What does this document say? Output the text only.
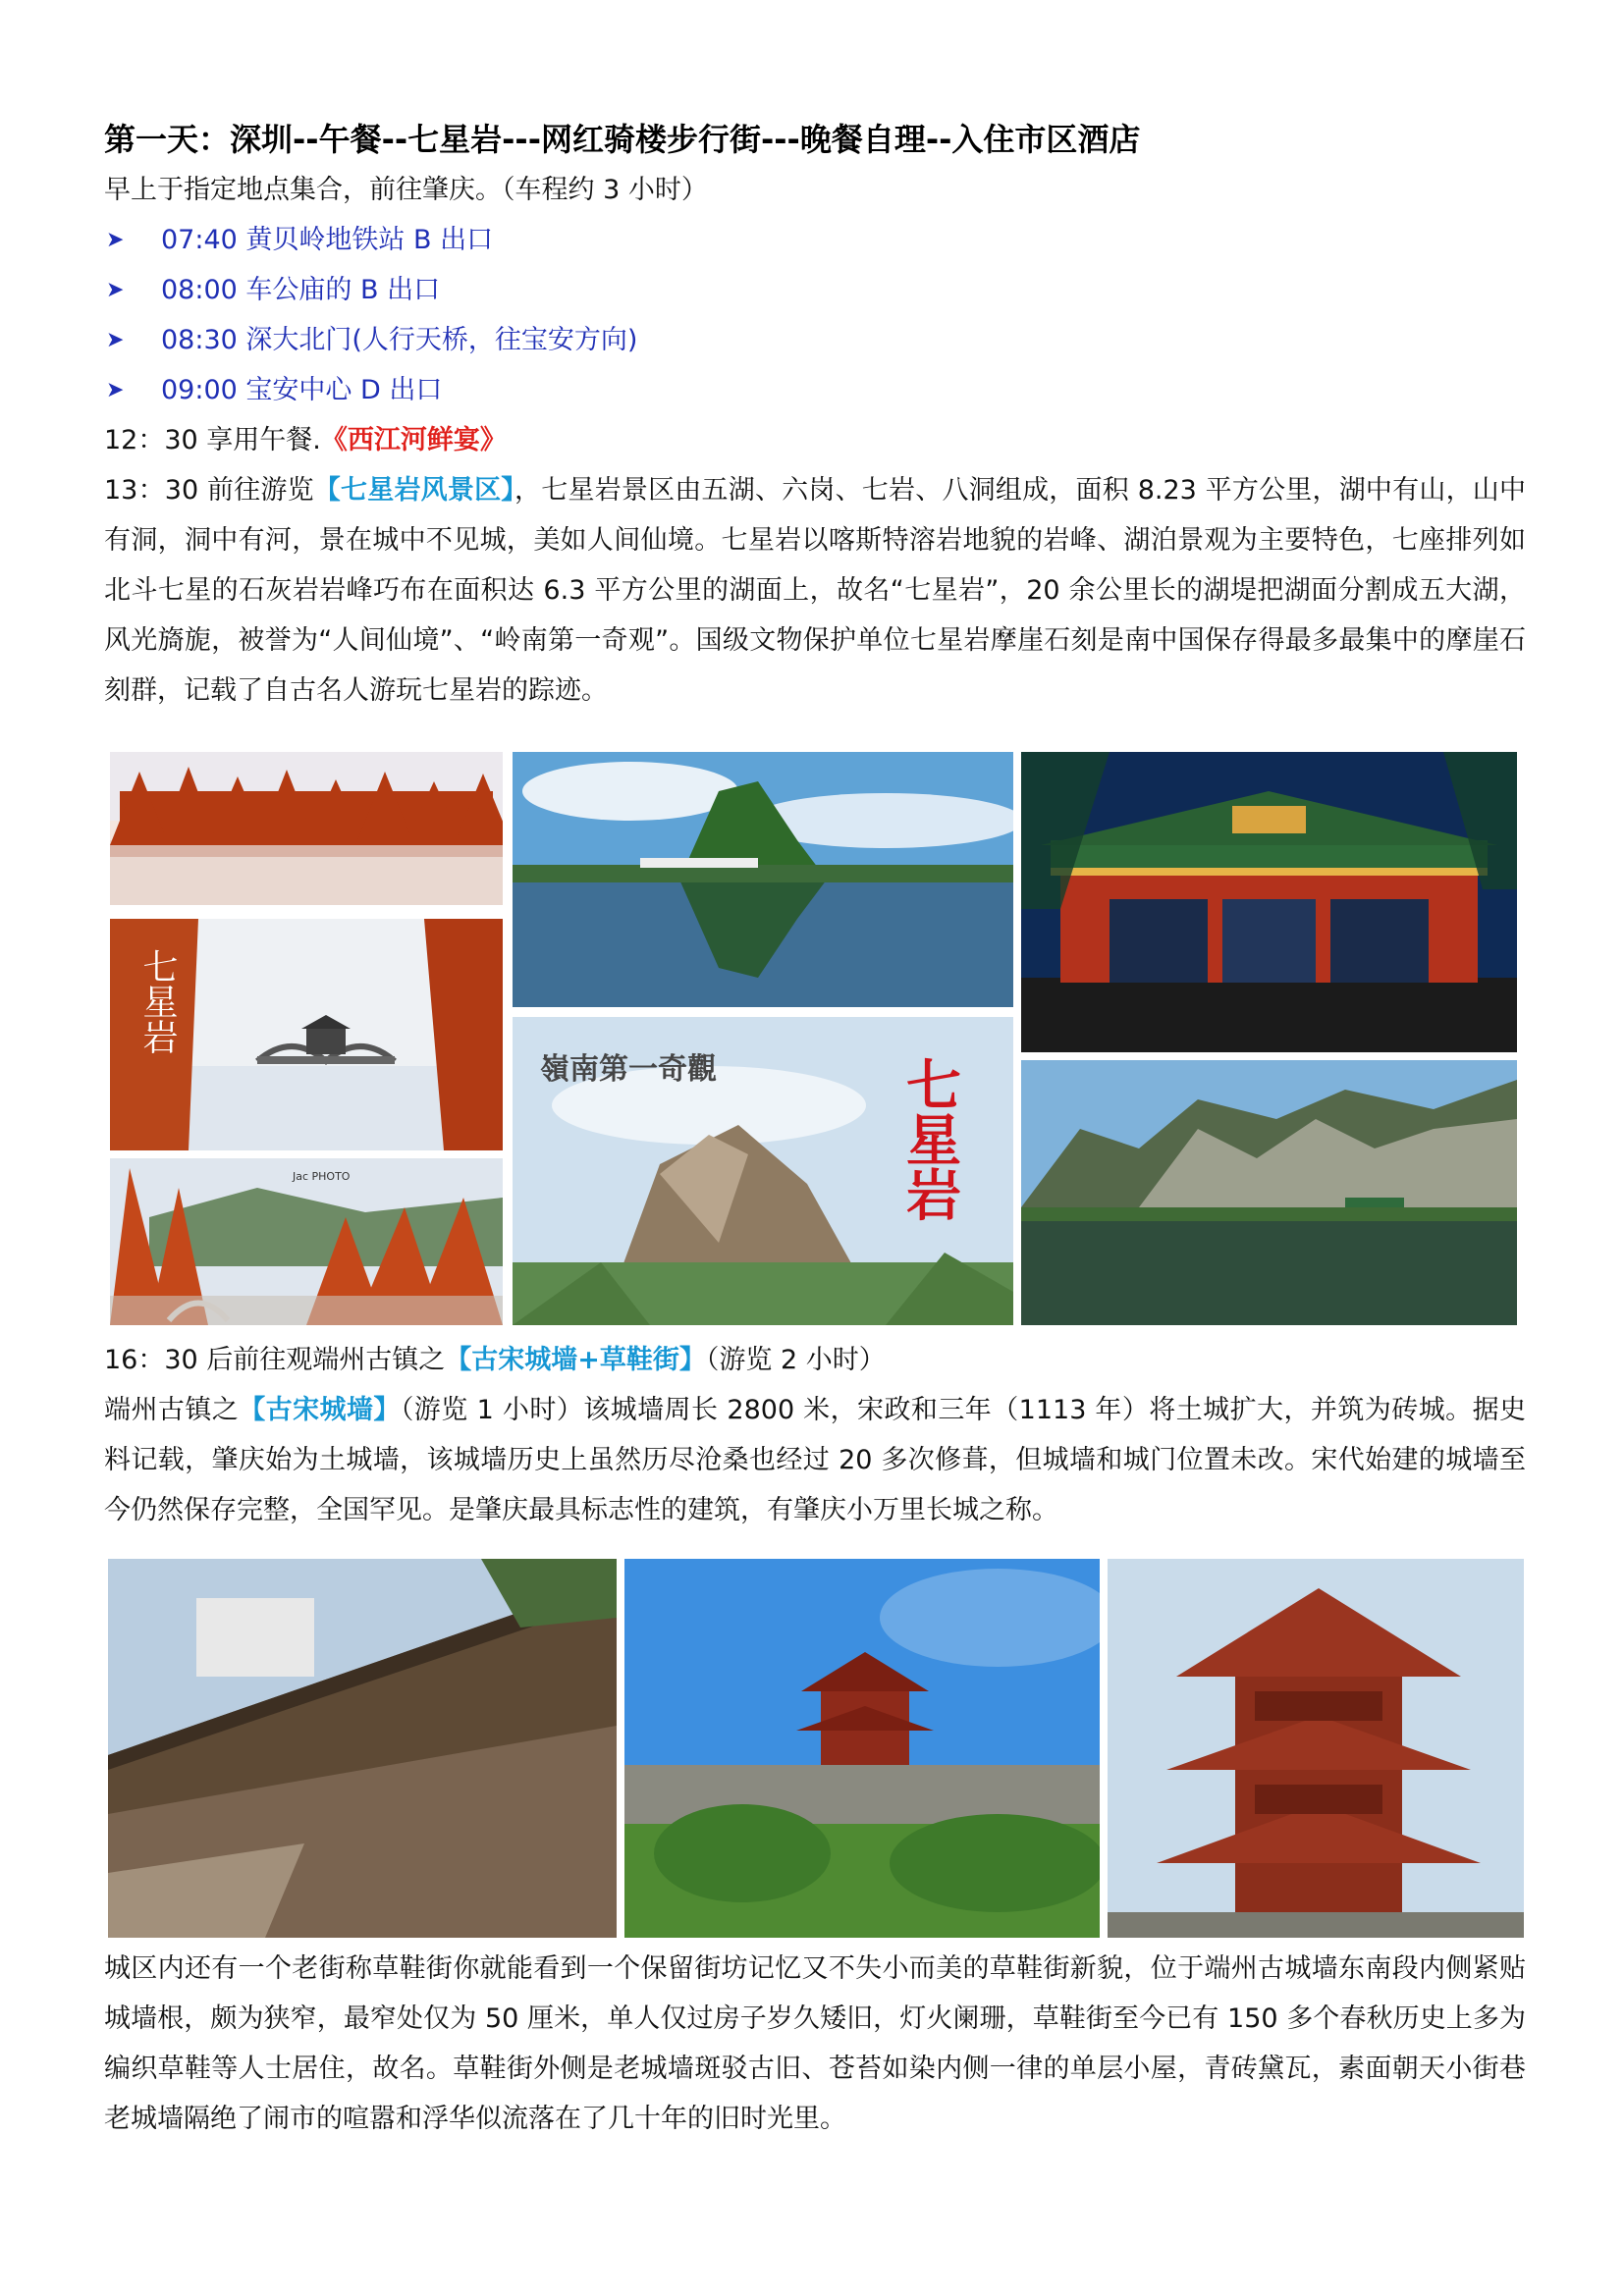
第一天：深圳--午餐--七星岩---网红骑楼步行街---晚餐自理--入住市区酒店

早上于指定地点集合，前往肇庆。（车程约 3 小时）

➤ 07:40 黄贝岭地铁站 B 出口
➤ 08:00 车公庙的 B 出口
➤ 08:30 深大北门(人行天桥，往宝安方向)
➤ 09:00 宝安中心 D 出口

12：30 享用午餐.《西江河鲜宴》

13：30 前往游览【七星岩风景区】，七星岩景区由五湖、六岗、七岩、八洞组成，面积 8.23 平方公里，湖中有山，山中有洞，洞中有河，景在城中不见城，美如人间仙境。七星岩以喀斯特溶岩地貌的岩峰、湖泊景观为主要特色，七座排列如北斗七星的石灰岩岩峰巧布在面积达 6.3 平方公里的湖面上，故名“七星岩”，20 余公里长的湖堤把湖面分割成五大湖，风光旖旎，被誉为“人间仙境”、“岭南第一奇观”。国级文物保护单位七星岩摩崖石刻是南中国保存得最多最集中的摩崖石刻群，记载了自古名人游玩七星岩的踪迹。

七星岩
Jac PHOTO
嶺南第一奇觀	七星岩

16：30 后前往观端州古镇之【古宋城墙+草鞋街】（游览 2 小时）

端州古镇之【古宋城墙】（游览 1 小时）该城墙周长 2800 米，宋政和三年（1113 年）将土城扩大，并筑为砖城。据史料记载，肇庆始为土城墙，该城墙历史上虽然历尽沧桑也经过 20 多次修葺，但城墙和城门位置未改。宋代始建的城墙至今仍然保存完整，全国罕见。是肇庆最具标志性的建筑，有肇庆小万里长城之称。

城区内还有一个老街称草鞋街你就能看到一个保留街坊记忆又不失小而美的草鞋街新貌，位于端州古城墙东南段内侧紧贴城墙根，颇为狭窄，最窄处仅为 50 厘米，单人仅过房子岁久矮旧，灯火阑珊，草鞋街至今已有 150 多个春秋历史上多为编织草鞋等人士居住，故名。草鞋街外侧是老城墙斑驳古旧、苍苔如染内侧一律的单层小屋，青砖黛瓦，素面朝天小街巷老城墙隔绝了闹市的喧嚣和浮华似流落在了几十年的旧时光里。
